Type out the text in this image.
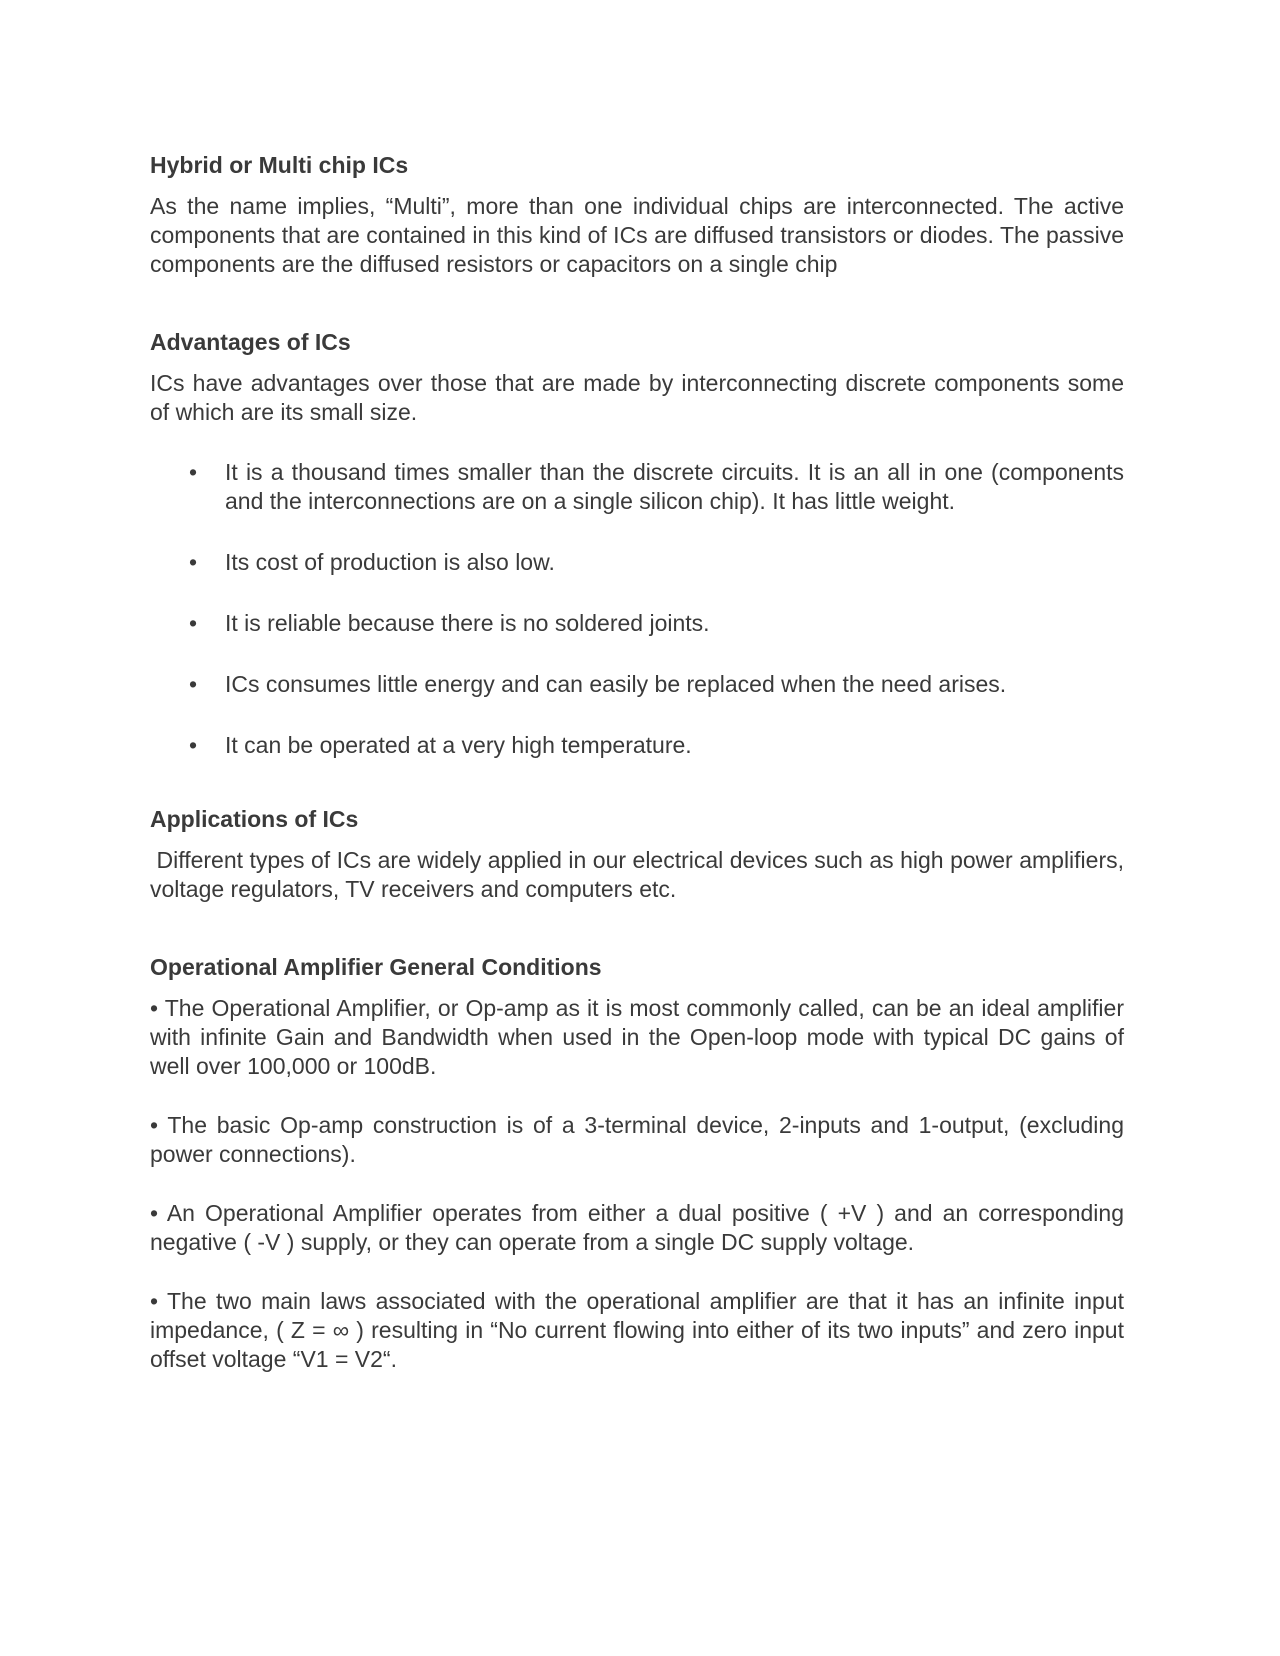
Hybrid or Multi chip ICs

As the name implies, “Multi”, more than one individual chips are interconnected. The active components that are contained in this kind of ICs are diffused transistors or diodes. The passive components are the diffused resistors or capacitors on a single chip

Advantages of ICs

ICs have advantages over those that are made by interconnecting discrete components some of which are its small size.

• It is a thousand times smaller than the discrete circuits. It is an all in one (components and the interconnections are on a single silicon chip). It has little weight.
• Its cost of production is also low.
• It is reliable because there is no soldered joints.
• ICs consumes little energy and can easily be replaced when the need arises.
• It can be operated at a very high temperature.
Applications of ICs

Different types of ICs are widely applied in our electrical devices such as high power amplifiers, voltage regulators, TV receivers and computers etc.

Operational Amplifier General Conditions

• The Operational Amplifier, or Op-amp as it is most commonly called, can be an ideal amplifier with infinite Gain and Bandwidth when used in the Open-loop mode with typical DC gains of well over 100,000 or 100dB.

• The basic Op-amp construction is of a 3-terminal device, 2-inputs and 1-output, (excluding power connections).

• An Operational Amplifier operates from either a dual positive ( +V ) and an corresponding negative ( -V ) supply, or they can operate from a single DC supply voltage.

• The two main laws associated with the operational amplifier are that it has an infinite input impedance, ( Z = ∞ ) resulting in “No current flowing into either of its two inputs” and zero input offset voltage “V1 = V2“.
